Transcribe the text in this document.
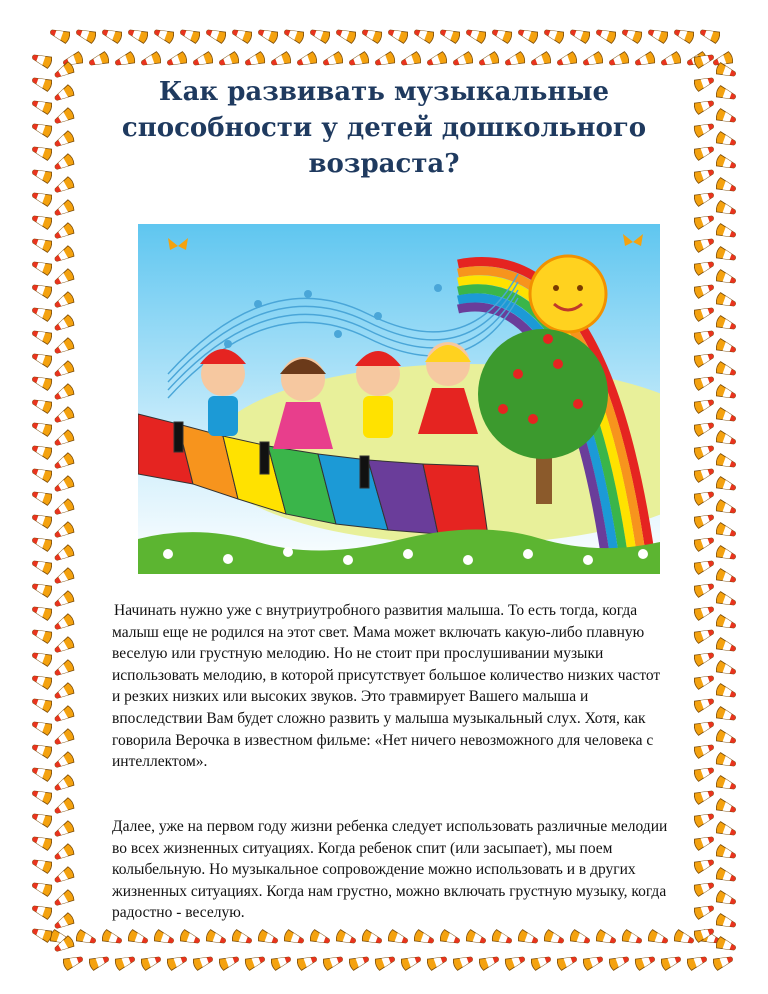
Как развивать музыкальные способности у детей дошкольного возраста?

Начинать нужно уже с внутриутробного развития малыша. То есть тогда, когда малыш еще не родился на этот свет. Мама может включать какую-либо плавную веселую или грустную мелодию. Но не стоит при прослушивании музыки использовать мелодию, в которой присутствует большое количество низких частот и резких низких или высоких звуков. Это травмирует Вашего малыша и впоследствии Вам будет сложно развить у малыша музыкальный слух. Хотя, как говорила Верочка в известном фильме: «Нет ничего невозможного для человека с интеллектом».

Далее, уже на первом году жизни ребенка следует использовать различные мелодии во всех жизненных ситуациях. Когда ребенок спит (или засыпает), мы поем колыбельную. Но музыкальное сопровождение можно использовать и в других жизненных ситуациях. Когда нам грустно, можно включать грустную музыку, когда радостно - веселую.
